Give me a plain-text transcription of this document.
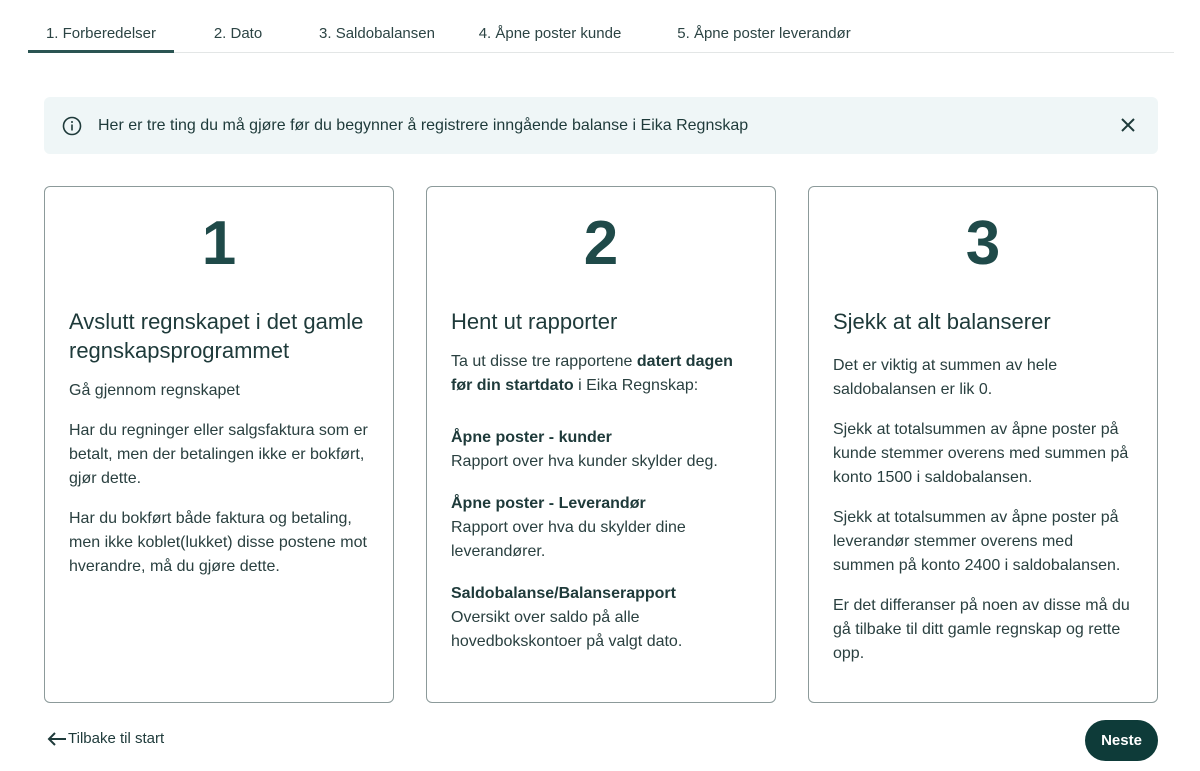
1. Forberedelser	2. Dato	3. Saldobalansen	4. Åpne poster kunde	5. Åpne poster leverandør
Her er tre ting du må gjøre før du begynner å registrere inngående balanse i Eika Regnskap
1
Avslutt regnskapet i det gamle regnskapsprogrammet

Gå gjennom regnskapet

Har du regninger eller salgsfaktura som er betalt, men der betalingen ikke er bokført, gjør dette.

Har du bokført både faktura og betaling, men ikke koblet(lukket) disse postene mot hverandre, må du gjøre dette.

2
Hent ut rapporter

Ta ut disse tre rapportene datert dagen før din startdato i Eika Regnskap:

Åpne poster - kunder
Rapport over hva kunder skylder deg.
Åpne poster - Leverandør
Rapport over hva du skylder dine leverandører.
Saldobalanse/Balanserapport
Oversikt over saldo på alle hovedbokskontoer på valgt dato.
3
Sjekk at alt balanserer

Det er viktig at summen av hele saldobalansen er lik 0.

Sjekk at totalsummen av åpne poster på kunde stemmer overens med summen på konto 1500 i saldobalansen.

Sjekk at totalsummen av åpne poster på leverandør stemmer overens med summen på konto 2400 i saldobalansen.

Er det differanser på noen av disse må du gå tilbake til ditt gamle regnskap og rette opp.

Tilbake til start	Neste
